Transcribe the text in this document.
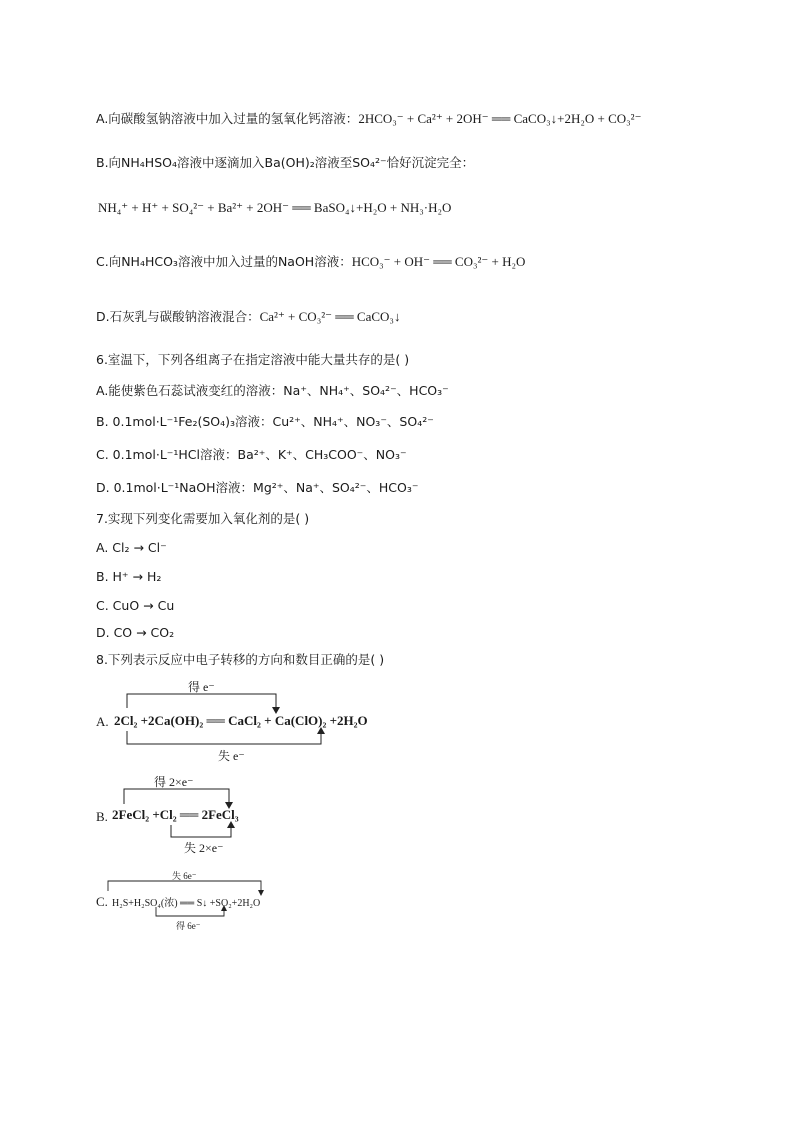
A.向碳酸氢钠溶液中加入过量的氢氧化钙溶液：2HCO₃⁻ + Ca²⁺ + 2OH⁻ ══ CaCO₃↓+2H₂O + CO₃²⁻
B.向NH₄HSO₄溶液中逐滴加入Ba(OH)₂溶液至SO₄²⁻恰好沉淀完全：
NH₄⁺ + H⁺ + SO₄²⁻ + Ba²⁺ + 2OH⁻ ══ BaSO₄↓+H₂O + NH₃·H₂O
C.向NH₄HCO₃溶液中加入过量的NaOH溶液：HCO₃⁻ + OH⁻ ══ CO₃²⁻ + H₂O
D.石灰乳与碳酸钠溶液混合：Ca²⁺ + CO₃²⁻ ══ CaCO₃↓
6.室温下，下列各组离子在指定溶液中能大量共存的是( )
A.能使紫色石蕊试液变红的溶液：Na⁺、NH₄⁺、SO₄²⁻、HCO₃⁻
B. 0.1mol·L⁻¹Fe₂(SO₄)₃溶液：Cu²⁺、NH₄⁺、NO₃⁻、SO₄²⁻
C. 0.1mol·L⁻¹HCl溶液：Ba²⁺、K⁺、CH₃COO⁻、NO₃⁻
D. 0.1mol·L⁻¹NaOH溶液：Mg²⁺、Na⁺、SO₄²⁻、HCO₃⁻
7.实现下列变化需要加入氧化剂的是( )
A. Cl₂ → Cl⁻
B. H⁺ → H₂
C. CuO → Cu
D. CO → CO₂
8.下列表示反应中电子转移的方向和数目正确的是( )
得 e⁻
A. 2Cl₂ +2Ca(OH)₂ ══ CaCl₂ + Ca(ClO)₂ +2H₂O
失 e⁻
得 2×e⁻
B. 2FeCl₂ +Cl₂ ══ 2FeCl₃
失 2×e⁻
失 6e⁻
C. H₂S+H₂SO₄(浓) ══ S↓ +SO₂+2H₂O
得 6e⁻
